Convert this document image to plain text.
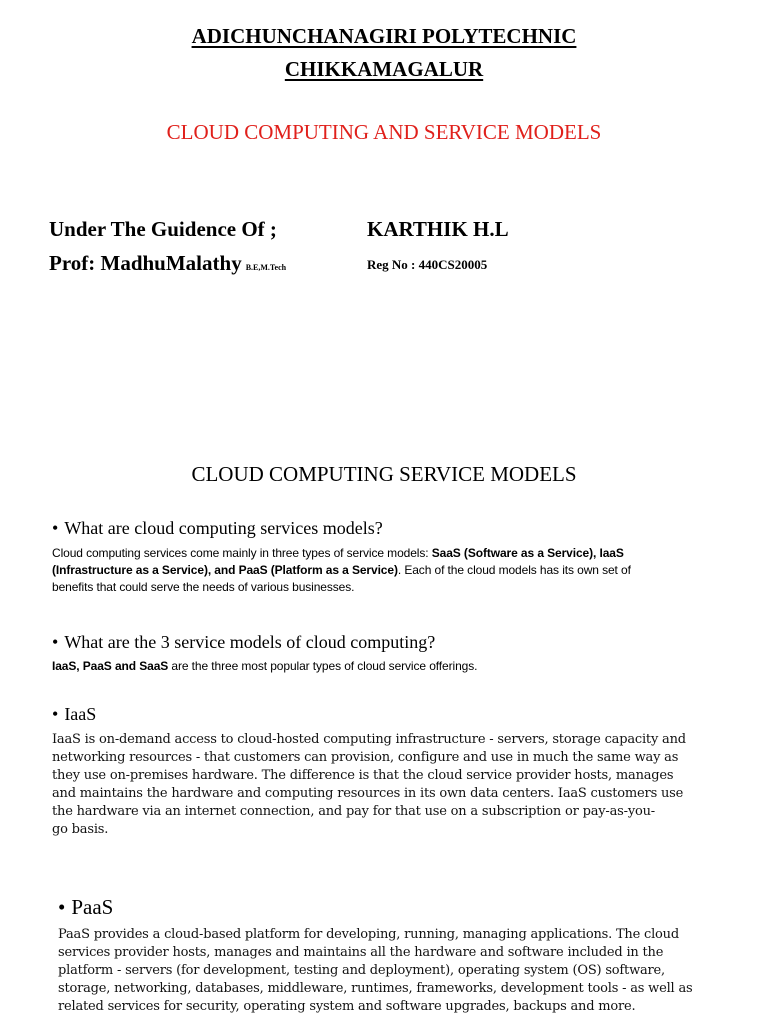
ADICHUNCHANAGIRI POLYTECHNIC
CHIKKAMAGALUR
CLOUD COMPUTING AND SERVICE MODELS
Under The Guidence Of ;	KARTHIK H.L
Prof: MadhuMalathy B.E,M.Tech	Reg No : 440CS20005
CLOUD COMPUTING SERVICE MODELS
• What are cloud computing services models?
Cloud computing services come mainly in three types of service models: SaaS (Software as a Service), IaaS
(Infrastructure as a Service), and PaaS (Platform as a Service). Each of the cloud models has its own set of
benefits that could serve the needs of various businesses.
• What are the 3 service models of cloud computing?
IaaS, PaaS and SaaS are the three most popular types of cloud service offerings.
• IaaS
IaaS is on-demand access to cloud-hosted computing infrastructure - servers, storage capacity and
networking resources - that customers can provision, configure and use in much the same way as
they use on-premises hardware. The difference is that the cloud service provider hosts, manages
and maintains the hardware and computing resources in its own data centers. IaaS customers use
the hardware via an internet connection, and pay for that use on a subscription or pay-as-you-
go basis.
• PaaS
PaaS provides a cloud-based platform for developing, running, managing applications. The cloud
services provider hosts, manages and maintains all the hardware and software included in the
platform - servers (for development, testing and deployment), operating system (OS) software,
storage, networking, databases, middleware, runtimes, frameworks, development tools - as well as
related services for security, operating system and software upgrades, backups and more.
